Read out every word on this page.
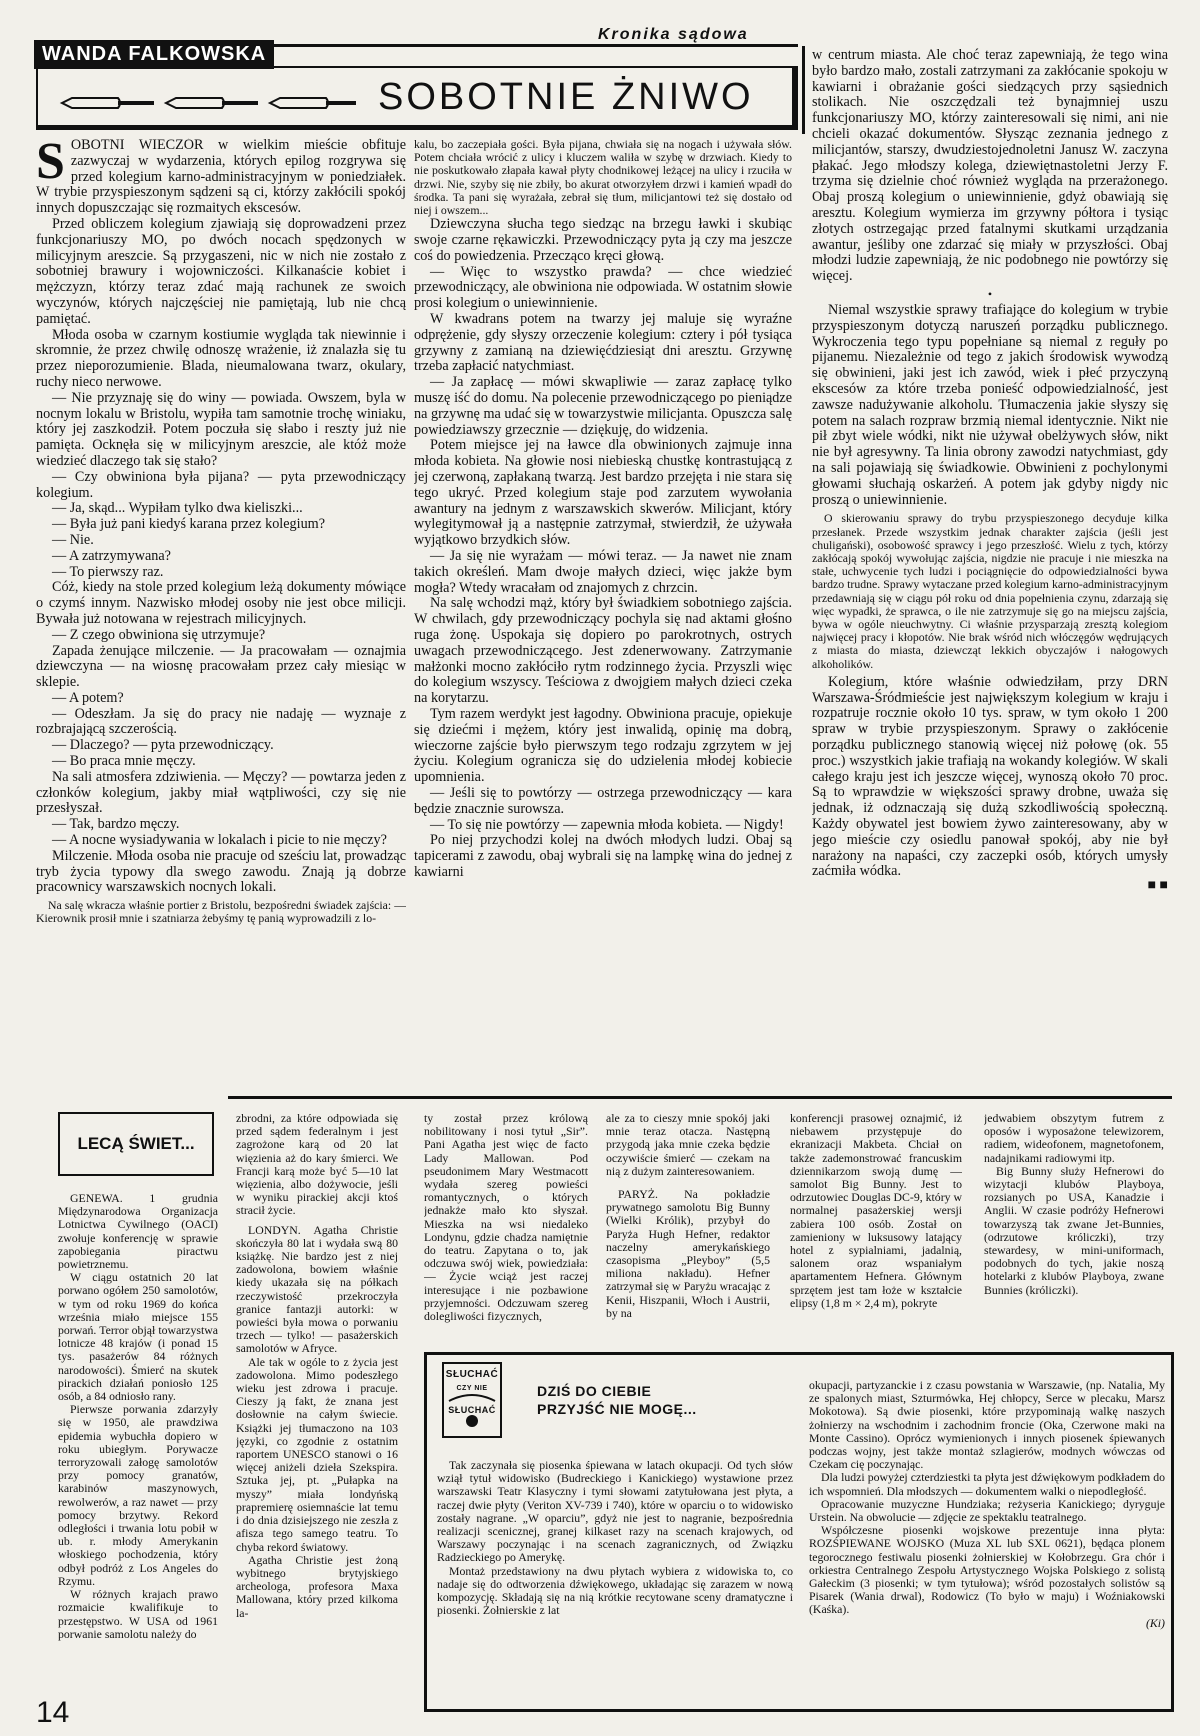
Kronika sądowa
WANDA FALKOWSKA
SOBOTNIE ŻNIWO
S OBOTNI WIECZÓR w wielkim mieście obfituje zazwyczaj w wydarzenia, których epilog rozgrywa się przed kolegium karno-administracyjnym w poniedziałek. W trybie przyspieszonym sądzeni są ci, którzy zakłócili spokój innych dopuszczając się rozmaitych ekscesów.

Przed obliczem kolegium zjawiają się doprowadzeni przez funkcjonariuszy MO, po dwóch nocach spędzonych w milicyjnym areszcie. Są przygaszeni, nic w nich nie zostało z sobotniej brawury i wojowniczości. Kilkanaście kobiet i mężczyzn, którzy teraz zdać mają rachunek ze swoich wyczynów, których najczęściej nie pamiętają, lub nie chcą pamiętać.

Młoda osoba w czarnym kostiumie wygląda tak niewinnie i skromnie, że przez chwilę odnoszę wrażenie, iż znalazła się tu przez nieporozumienie. Blada, nieumalowana twarz, okulary, ruchy nieco nerwowe.

— Nie przyznaję się do winy — powiada. Owszem, byla w nocnym lokalu w Bristolu, wypiła tam samotnie trochę winiaku, który jej zaszkodził. Potem poczuła się słabo i reszty już nie pamięta. Ocknęła się w milicyjnym areszcie, ale któż może wiedzieć dlaczego tak się stało?

— Czy obwiniona była pijana? — pyta przewodniczący kolegium.

— Ja, skąd... Wypiłam tylko dwa kieliszki...

— Była już pani kiedyś karana przez kolegium?

— Nie.

— A zatrzymywana?

— To pierwszy raz.

Cóż, kiedy na stole przed kolegium leżą dokumenty mówiące o czymś innym. Nazwisko młodej osoby nie jest obce milicji. Bywała już notowana w rejestrach milicyjnych.

— Z czego obwiniona się utrzymuje?

Zapada żenujące milczenie. — Ja pracowałam — oznajmia dziewczyna — na wiosnę pracowałam przez cały miesiąc w sklepie.

— A potem?

— Odeszłam. Ja się do pracy nie nadaję — wyznaje z rozbrajającą szczerością.

— Dlaczego? — pyta przewodniczący.

— Bo praca mnie męczy.

Na sali atmosfera zdziwienia. — Męczy? — powtarza jeden z członków kolegium, jakby miał wątpliwości, czy się nie przesłyszał.

— Tak, bardzo męczy.

— A nocne wysiadywania w lokalach i picie to nie męczy?

Milczenie. Młoda osoba nie pracuje od sześciu lat, prowadząc tryb życia typowy dla swego zawodu. Znają ją dobrze pracownicy warszawskich nocnych lokali.

Na salę wkracza właśnie portier z Bristolu, bezpośredni świadek zajścia: — Kierownik prosił mnie i szatniarza żebyśmy tę panią wyprowadzili z lo-

kalu, bo zaczepiała gości. Była pijana, chwiała się na nogach i używała słów. Potem chciała wrócić z ulicy i kluczem waliła w szybę w drzwiach. Kiedy to nie poskutkowało złapała kawał płyty chodnikowej leżącej na ulicy i rzuciła w drzwi. Nie, szyby się nie zbiły, bo akurat otworzyłem drzwi i kamień wpadł do środka. Ta pani się wyrażała, zebrał się tłum, milicjantowi też się dostało od niej i owszem...

Dziewczyna słucha tego siedząc na brzegu ławki i skubiąc swoje czarne rękawiczki. Przewodniczący pyta ją czy ma jeszcze coś do powiedzenia. Przecząco kręci głową.

— Więc to wszystko prawda? — chce wiedzieć przewodniczący, ale obwiniona nie odpowiada. W ostatnim słowie prosi kolegium o uniewinnienie.

W kwadrans potem na twarzy jej maluje się wyraźne odprężenie, gdy słyszy orzeczenie kolegium: cztery i pół tysiąca grzywny z zamianą na dziewięćdziesiąt dni aresztu. Grzywnę trzeba zapłacić natychmiast.

— Ja zapłacę — mówi skwapliwie — zaraz zapłacę tylko muszę iść do domu. Na polecenie przewodniczącego po pieniądze na grzywnę ma udać się w towarzystwie milicjanta. Opuszcza salę powiedziawszy grzecznie — dziękuję, do widzenia.

Potem miejsce jej na ławce dla obwinionych zajmuje inna młoda kobieta. Na głowie nosi niebieską chustkę kontrastującą z jej czerwoną, zapłakaną twarzą. Jest bardzo przejęta i nie stara się tego ukryć. Przed kolegium staje pod zarzutem wywołania awantury na jednym z warszawskich skwerów. Milicjant, który wylegitymował ją a następnie zatrzymał, stwierdził, że używała wyjątkowo brzydkich słów.

— Ja się nie wyrażam — mówi teraz. — Ja nawet nie znam takich określeń. Mam dwoje małych dzieci, więc jakże bym mogła? Wtedy wracałam od znajomych z chrzcin.

Na salę wchodzi mąż, który był świadkiem sobotniego zajścia. W chwilach, gdy przewodniczący pochyla się nad aktami głośno ruga żonę. Uspokaja się dopiero po parokrotnych, ostrych uwagach przewodniczącego. Jest zdenerwowany. Zatrzymanie małżonki mocno zakłóciło rytm rodzinnego życia. Przyszli więc do kolegium wszyscy. Teściowa z dwojgiem małych dzieci czeka na korytarzu.

Tym razem werdykt jest łagodny. Obwiniona pracuje, opiekuje się dziećmi i mężem, który jest inwalidą, opinię ma dobrą, wieczorne zajście było pierwszym tego rodzaju zgrzytem w jej życiu. Kolegium ogranicza się do udzielenia młodej kobiecie upomnienia.

— Jeśli się to powtórzy — ostrzega przewodniczący — kara będzie znacznie surowsza.

— To się nie powtórzy — zapewnia młoda kobieta. — Nigdy!

Po niej przychodzi kolej na dwóch młodych ludzi. Obaj są tapicerami z zawodu, obaj wybrali się na lampkę wina do jednej z kawiarni

w centrum miasta. Ale choć teraz zapewniają, że tego wina było bardzo mało, zostali zatrzymani za zakłócanie spokoju w kawiarni i obrażanie gości siedzących przy sąsiednich stolikach. Nie oszczędzali też bynajmniej uszu funkcjonariuszy MO, którzy zainteresowali się nimi, ani nie chcieli okazać dokumentów. Słysząc zeznania jednego z milicjantów, starszy, dwudziestojednoletni Janusz W. zaczyna płakać. Jego młodszy kolega, dziewiętnastoletni Jerzy F. trzyma się dzielnie choć również wygląda na przerażonego. Obaj proszą kolegium o uniewinnienie, gdyż obawiają się aresztu. Kolegium wymierza im grzywny półtora i tysiąc złotych ostrzegając przed fatalnymi skutkami urządzania awantur, jeśliby one zdarzać się miały w przyszłości. Obaj młodzi ludzie zapewniają, że nic podobnego nie powtórzy się więcej.

•

Niemal wszystkie sprawy trafiające do kolegium w trybie przyspieszonym dotyczą naruszeń porządku publicznego. Wykroczenia tego typu popełniane są niemal z reguły po pijanemu. Niezależnie od tego z jakich środowisk wywodzą się obwinieni, jaki jest ich zawód, wiek i płeć przyczyną ekscesów za które trzeba ponieść odpowiedzialność, jest zawsze nadużywanie alkoholu. Tłumaczenia jakie słyszy się potem na salach rozpraw brzmią niemal identycznie. Nikt nie pił zbyt wiele wódki, nikt nie używał obelżywych słów, nikt nie był agresywny. Ta linia obrony zawodzi natychmiast, gdy na sali pojawiają się świadkowie. Obwinieni z pochylonymi głowami słuchają oskarżeń. A potem jak gdyby nigdy nic proszą o uniewinnienie.

O skierowaniu sprawy do trybu przyspieszonego decyduje kilka przesłanek. Przede wszystkim jednak charakter zajścia (jeśli jest chuligański), osobowość sprawcy i jego przeszłość. Wielu z tych, którzy zakłócają spokój wywołując zajścia, nigdzie nie pracuje i nie mieszka na stałe, uchwycenie tych ludzi i pociągnięcie do odpowiedzialności bywa bardzo trudne. Sprawy wytaczane przed kolegium karno-administracyjnym przedawniają się w ciągu pół roku od dnia popełnienia czynu, zdarzają się więc wypadki, że sprawca, o ile nie zatrzymuje się go na miejscu zajścia, bywa w ogóle nieuchwytny. Ci właśnie przysparzają zresztą kolegiom najwięcej pracy i kłopotów. Nie brak wśród nich włóczęgów wędrujących z miasta do miasta, dziewcząt lekkich obyczajów i nałogowych alkoholików.

Kolegium, które właśnie odwiedziłam, przy DRN Warszawa-Śródmieście jest największym kolegium w kraju i rozpatruje rocznie około 10 tys. spraw, w tym około 1 200 spraw w trybie przyspieszonym. Sprawy o zakłócenie porządku publicznego stanowią więcej niż połowę (ok. 55 proc.) wszystkich jakie trafiają na wokandy kolegiów. W skali całego kraju jest ich jeszcze więcej, wynoszą około 70 proc. Są to wprawdzie w większości sprawy drobne, uważa się jednak, iż odznaczają się dużą szkodliwością społeczną. Każdy obywatel jest bowiem żywo zainteresowany, aby w jego mieście czy osiedlu panował spokój, aby nie był narażony na napaści, czy zaczepki osób, których umysły zaćmiła wódka.

■ ■
LECĄ ŚWIET...

GENEWA. 1 grudnia Międzynarodowa Organizacja Lotnictwa Cywilnego (OACI) zwołuje konferencję w sprawie zapobiegania piractwu powietrznemu.

W ciągu ostatnich 20 lat porwano ogółem 250 samolotów, w tym od roku 1969 do końca września miało miejsce 155 porwań. Terror objął towarzystwa lotnicze 48 krajów (i ponad 15 tys. pasażerów 84 różnych narodowości). Śmierć na skutek pirackich działań poniosło 125 osób, a 84 odniosło rany.

Pierwsze porwania zdarzyły się w 1950, ale prawdziwa epidemia wybuchła dopiero w roku ubiegłym. Porywacze terroryzowali załogę samolotów przy pomocy granatów, karabinów maszynowych, rewolwerów, a raz nawet — przy pomocy brzytwy. Rekord odległości i trwania lotu pobił w ub. r. młody Amerykanin włoskiego pochodzenia, który odbył podróż z Los Angeles do Rzymu.

W różnych krajach prawo rozmaicie kwalifikuje to przestępstwo. W USA od 1961 porwanie samolotu należy do

zbrodni, za które odpowiada się przed sądem federalnym i jest zagrożone karą od 20 lat więzienia aż do kary śmierci. We Francji karą może być 5—10 lat więzienia, albo dożywocie, jeśli w wyniku pirackiej akcji ktoś stracił życie.

LONDYN. Agatha Christie skończyła 80 lat i wydała swą 80 książkę. Nie bardzo jest z niej zadowolona, bowiem właśnie kiedy ukazała się na półkach rzeczywistość przekroczyła granice fantazji autorki: w powieści była mowa o porwaniu trzech — tylko! — pasażerskich samolotów w Afryce.

Ale tak w ogóle to z życia jest zadowolona. Mimo podeszłego wieku jest zdrowa i pracuje. Cieszy ją fakt, że znana jest dosłownie na całym świecie. Książki jej tłumaczono na 103 języki, co zgodnie z ostatnim raportem UNESCO stanowi o 16 więcej aniżeli dzieła Szekspira. Sztuka jej, pt. „Pułapka na myszy” miała londyńską prapremierę osiemnaście lat temu i do dnia dzisiejszego nie zeszła z afisza tego samego teatru. To chyba rekord światowy.

Agatha Christie jest żoną wybitnego brytyjskiego archeologa, profesora Maxa Mallowana, który przed kilkoma la-

ty został przez królową nobilitowany i nosi tytuł „Sir”. Pani Agatha jest więc de facto Lady Mallowan. Pod pseudonimem Mary Westmacott wydała szereg powieści romantycznych, o których jednakże mało kto słyszał. Mieszka na wsi niedaleko Londynu, gdzie chadza namiętnie do teatru. Zapytana o to, jak odczuwa swój wiek, powiedziała: — Życie wciąż jest raczej interesujące i nie pozbawione przyjemności. Odczuwam szereg dolegliwości fizycznych,

ale za to cieszy mnie spokój jaki mnie teraz otacza. Następną przygodą jaka mnie czeka będzie oczywiście śmierć — czekam na nią z dużym zainteresowaniem.

PARYŻ. Na pokładzie prywatnego samolotu Big Bunny (Wielki Królik), przybył do Paryża Hugh Hefner, redaktor naczelny amerykańskiego czasopisma „Pleyboy” (5,5 miliona nakładu). Hefner zatrzymał się w Paryżu wracając z Kenii, Hiszpanii, Włoch i Austrii, by na

konferencji prasowej oznajmić, iż niebawem przystępuje do ekranizacji Makbeta. Chciał on także zademonstrować francuskim dziennikarzom swoją dumę — samolot Big Bunny. Jest to odrzutowiec Douglas DC-9, który w normalnej pasażerskiej wersji zabiera 100 osób. Został on zamieniony w luksusowy latający hotel z sypialniami, jadalnią, salonem oraz wspaniałym apartamentem Hefnera. Głównym sprzętem jest tam łoże w kształcie elipsy (1,8 m × 2,4 m), pokryte

jedwabiem obszytym futrem z oposów i wyposażone telewizorem, radiem, wideofonem, magnetofonem, nadajnikami radiowymi itp.

Big Bunny służy Hefnerowi do wizytacji klubów Playboya, rozsianych po USA, Kanadzie i Anglii. W czasie podróży Hefnerowi towarzyszą tak zwane Jet-Bunnies, (odrzutowe króliczki), trzy stewardesy, w mini-uniformach, podobnych do tych, jakie noszą hotelarki z klubów Playboya, zwane Bunnies (króliczki).

SŁUCHAĆ
CZY NIE
SŁUCHAĆ
DZIŚ DO CIEBIE
PRZYJŚĆ NIE MOGĘ...

Tak zaczynała się piosenka śpiewana w latach okupacji. Od tych słów wziął tytuł widowisko (Budreckiego i Kanickiego) wystawione przez warszawski Teatr Klasyczny i tymi słowami zatytułowana jest płyta, a raczej dwie płyty (Veriton XV-739 i 740), które w oparciu o to widowisko zostały nagrane. „W oparciu”, gdyż nie jest to nagranie, bezpośrednia realizacji scenicznej, granej kilkaset razy na scenach krajowych, od Warszawy poczynając i na scenach zagranicznych, od Związku Radzieckiego po Amerykę.

Montaż przedstawiony na dwu płytach wybiera z widowiska to, co nadaje się do odtworzenia dźwiękowego, układając się zarazem w nową kompozycję. Składają się na nią krótkie recytowane sceny dramatyczne i piosenki. Żołnierskie z lat

okupacji, partyzanckie i z czasu powstania w Warszawie, (np. Natalia, My ze spalonych miast, Szturmówka, Hej chłopcy, Serce w plecaku, Marsz Mokotowa). Są dwie piosenki, które przypominają walkę naszych żołnierzy na wschodnim i zachodnim froncie (Oka, Czerwone maki na Monte Cassino). Oprócz wymienionych i innych piosenek śpiewanych podczas wojny, jest także montaż szlagierów, modnych wówczas od Czekam cię poczynając.

Dla ludzi powyżej czterdziestki ta płyta jest dźwiękowym podkładem do ich wspomnień. Dla młodszych — dokumentem walki o niepodległość.

Opracowanie muzyczne Hundziaka; reżyseria Kanickiego; dyryguje Urstein. Na obwolucie — zdjęcie ze spektaklu teatralnego.

Współczesne piosenki wojskowe prezentuje inna płyta: ROZŚPIEWANE WOJSKO (Muza XL lub SXL 0621), będąca plonem tegorocznego festiwalu piosenki żołnierskiej w Kołobrzegu. Gra chór i orkiestra Centralnego Zespołu Artystycznego Wojska Polskiego z solistą Gałeckim (3 piosenki; w tym tytułowa); wśród pozostałych solistów są Pisarek (Wania drwal), Rodowicz (To było w maju) i Woźniakowski (Kaśka).

(Ki)
14
